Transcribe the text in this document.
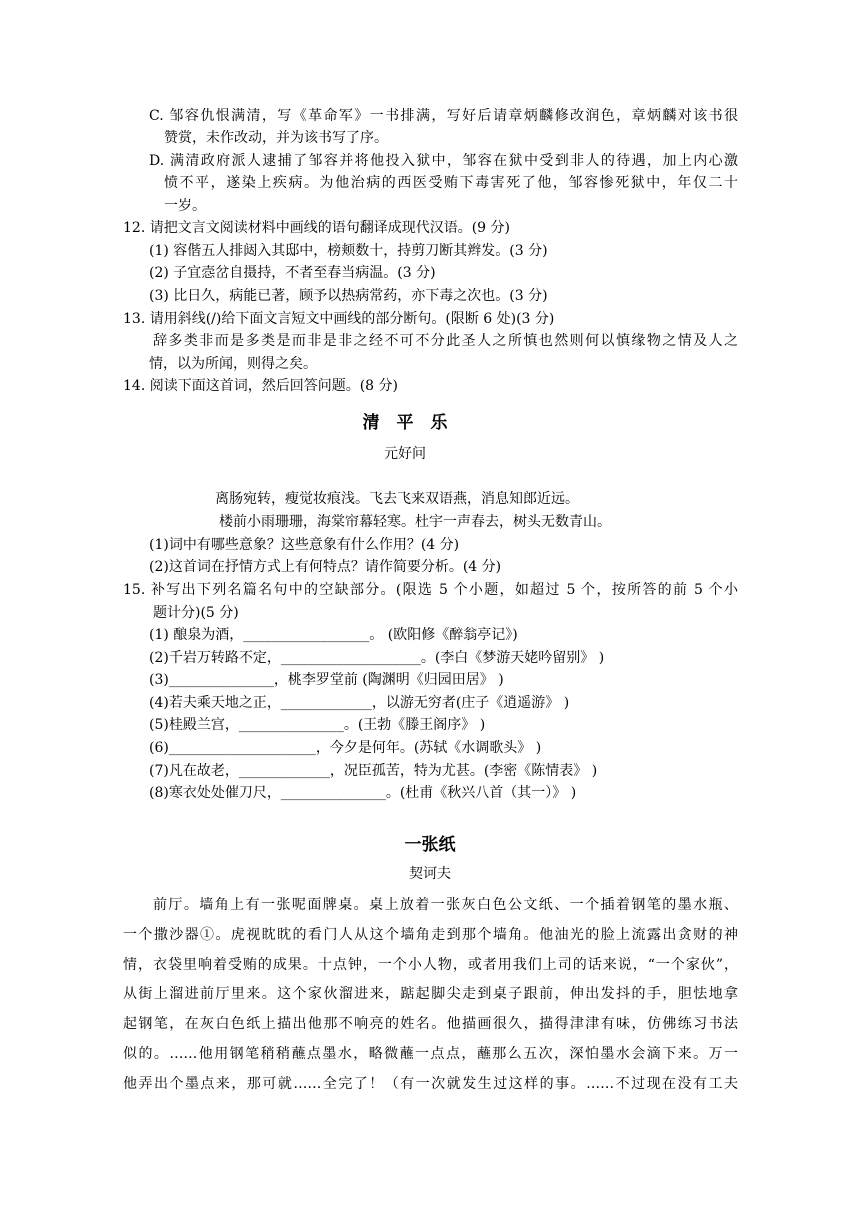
C. 邹容仇恨满清，写《革命军》一书排满，写好后请章炳麟修改润色，章炳麟对该书很
赞赏，未作改动，并为该书写了序。
D. 满清政府派人逮捕了邹容并将他投入狱中，邹容在狱中受到非人的待遇，加上内心激
愤不平，遂染上疾病。为他治病的西医受贿下毒害死了他，邹容惨死狱中，年仅二十
一岁。
12. 请把文言文阅读材料中画线的语句翻译成现代汉语。(9 分)
(1) 容偕五人排闼入其邸中，榜颊数十，持剪刀断其辫发。(3 分)
(2) 子宜悫岔自摄持，不者至春当病温。(3 分)
(3) 比日久，病能已著，顾予以热病常药，亦下毒之次也。(3 分)
13. 请用斜线(/)给下面文言短文中画线的部分断句。(限断 6 处)(3 分)
辞多类非而是多类是而非是非之经不可不分此圣人之所慎也然则何以慎缘物之情及人之
情，以为所闻，则得之矣。
14. 阅读下面这首词，然后回答问题。(8 分)
清　平　乐
元好问
离肠宛转，瘦觉妆痕浅。飞去飞来双语燕，消息知郎近远。
楼前小雨珊珊，海棠帘幕轻寒。杜宇一声春去，树头无数青山。
(1)词中有哪些意象？这些意象有什么作用？(4 分)
(2)这首词在抒情方式上有何特点？请作简要分析。(4 分)
15. 补写出下列名篇名句中的空缺部分。(限选 5 个小题，如超过 5 个，按所答的前 5 个小
题计分)(5 分)
(1) 酿泉为酒，__________________。 (欧阳修《醉翁亭记》)
(2)千岩万转路不定，____________________。(李白《梦游天姥吟留别》 )
(3)_______________，桃李罗堂前 (陶渊明《归园田居》 )
(4)若夫乘天地之正，_____________，以游无穷者(庄子《逍遥游》 )
(5)桂殿兰宫，_______________。(王勃《滕王阁序》 )
(6)_____________________，今夕是何年。(苏轼《水调歌头》 )
(7)凡在故老，_____________，况臣孤苦，特为尤甚。(李密《陈情表》 )
(8)寒衣处处催刀尺，_______________。(杜甫《秋兴八首（其一）》 )
一张纸
契诃夫
前厅。墙角上有一张呢面牌桌。桌上放着一张灰白色公文纸、一个插着钢笔的墨水瓶、
一个撒沙器①。虎视眈眈的看门人从这个墙角走到那个墙角。他油光的脸上流露出贪财的神
情，衣袋里响着受贿的成果。十点钟，一个小人物，或者用我们上司的话来说，“一个家伙”，
从街上溜进前厅里来。这个家伙溜进来，踮起脚尖走到桌子跟前，伸出发抖的手，胆怯地拿
起钢笔，在灰白色纸上描出他那不响亮的姓名。他描画很久，描得津津有味，仿佛练习书法
似的。……他用钢笔稍稍蘸点墨水，略微蘸一点点，蘸那么五次，深怕墨水会滴下来。万一
他弄出个墨点来，那可就……全完了！（有一次就发生过这样的事。……不过现在没有工夫
